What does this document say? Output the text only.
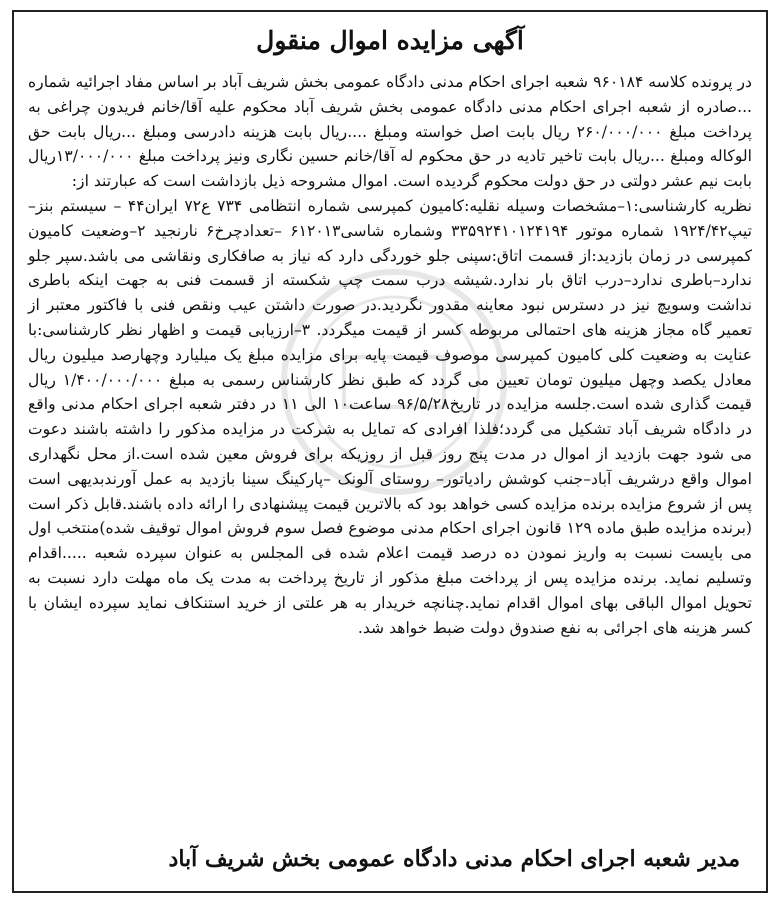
آگهی مزایده اموال منقول

در پرونده کلاسه ۹۶۰۱۸۴ شعبه اجرای احکام مدنی دادگاه عمومی بخش شریف آباد بر اساس مفاد اجرائیه شماره ...صادره از شعبه اجرای احکام مدنی دادگاه عمومی بخش شریف آباد محکوم علیه آقا/خانم فریدون چراغی به پرداخت مبلغ ۲۶۰/۰۰۰/۰۰۰ ریال بابت اصل خواسته ومبلغ ....ریال بابت هزینه دادرسی ومبلغ ...ریال بابت حق الوکاله ومبلغ ...ریال بابت تاخیر تادیه در حق محکوم له آقا/خانم حسین نگاری ونیز پرداخت مبلغ ۱۳/۰۰۰/۰۰۰ریال بابت نیم عشر دولتی در حق دولت محکوم گردیده است. اموال مشروحه ذیل بازداشت است که عبارتند از:

نظریه کارشناسی:۱–مشخصات وسیله نقلیه:کامیون کمپرسی شماره انتظامی ۷۳۴ ع۷۲ ایران۴۴ – سیستم بنز–تیپ۱۹۲۴/۴۲ شماره موتور ۳۳۵۹۲۴۱۰۱۲۴۱۹۴ وشماره شاسی۶۱۲۰۱۳ –تعدادچرخ۶ نارنجید ۲–وضعیت کامیون کمپرسی در زمان بازدید:از قسمت اتاق:سپنی جلو خوردگی دارد که نیاز به صافکاری ونقاشی می باشد.سپر جلو ندارد–باطری ندارد–درب اتاق بار ندارد.شیشه درب سمت چپ شکسته از قسمت فنی به جهت اینکه باطری نداشت وسویچ نیز در دسترس نبود معاینه مقدور نگردید.در صورت داشتن عیب ونقص فنی با فاکتور معتبر از تعمیر گاه مجاز هزینه های احتمالی مربوطه کسر از قیمت میگردد. ۳–ارزیابی قیمت و اظهار نظر کارشناسی:با عنایت به وضعیت کلی کامیون کمپرسی موصوف قیمت پایه برای مزایده مبلغ یک میلیارد وچهارصد میلیون ریال معادل یکصد وچهل میلیون تومان تعیین می گردد که طبق نظر کارشناس رسمی به مبلغ ۱/۴۰۰/۰۰۰/۰۰۰ ریال قیمت گذاری شده است.جلسه مزایده در تاریخ۹۶/۵/۲۸ ساعت۱۰ الی ۱۱ در دفتر شعبه اجرای احکام مدنی واقع در دادگاه شریف آباد تشکیل می گردد؛فلذا افرادی که تمایل به شرکت در مزایده مذکور را داشته باشند دعوت می شود جهت بازدید از اموال در مدت پنج روز قبل از روزیکه برای فروش معین شده است.از محل نگهداری اموال واقع درشریف آباد–جنب کوشش رادیاتور– روستای آلونک –پارکینگ سینا بازدید به عمل آورندبدیهی است پس از شروع مزایده برنده مزایده کسی خواهد بود که بالاترین قیمت پیشنهادی را ارائه داده باشند.قابل ذکر است (برنده مزایده طبق ماده ۱۲۹ قانون اجرای احکام مدنی موضوع فصل سوم فروش اموال توقیف شده)منتخب اول می بایست نسبت به واریز نمودن ده درصد قیمت اعلام شده فی المجلس به عنوان سپرده شعبه .....اقدام وتسلیم نماید. برنده مزایده پس از پرداخت مبلغ مذکور از تاریخ پرداخت به مدت یک ماه مهلت دارد نسبت به تحویل اموال الباقی بهای اموال اقدام نماید.چنانچه خریدار به هر علتی از خرید استنکاف نماید سپرده ایشان با کسر هزینه های اجرائی به نفع صندوق دولت ضبط خواهد شد.

مدیر شعبه اجرای احکام مدنی دادگاه عمومی بخش شریف آباد
